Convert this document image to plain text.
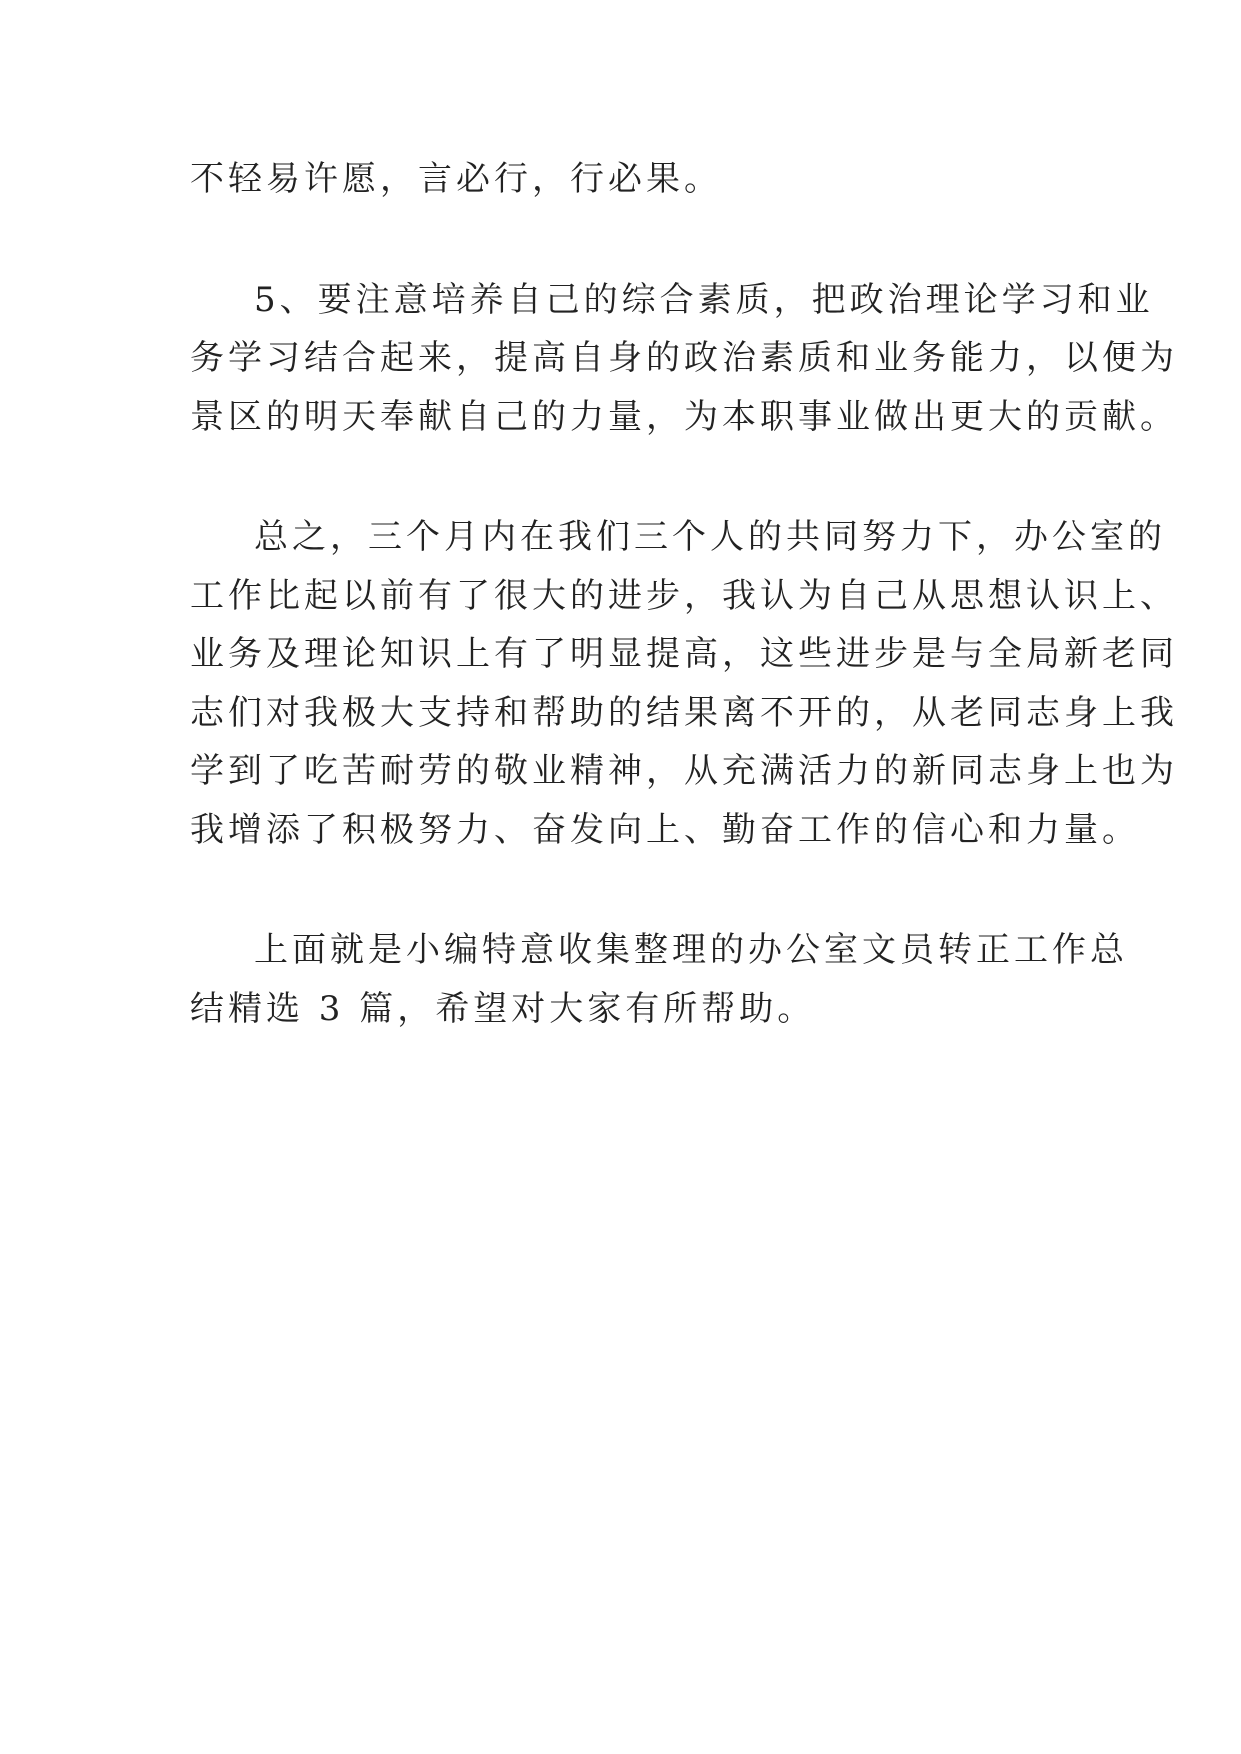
不轻易许愿，言必行，行必果。

5、要注意培养自己的综合素质，把政治理论学习和业
务学习结合起来，提高自身的政治素质和业务能力，以便为
景区的明天奉献自己的力量，为本职事业做出更大的贡献。

总之，三个月内在我们三个人的共同努力下，办公室的
工作比起以前有了很大的进步，我认为自己从思想认识上、
业务及理论知识上有了明显提高，这些进步是与全局新老同
志们对我极大支持和帮助的结果离不开的，从老同志身上我
学到了吃苦耐劳的敬业精神，从充满活力的新同志身上也为
我增添了积极努力、奋发向上、勤奋工作的信心和力量。

上面就是小编特意收集整理的办公室文员转正工作总
结精选 3 篇，希望对大家有所帮助。
